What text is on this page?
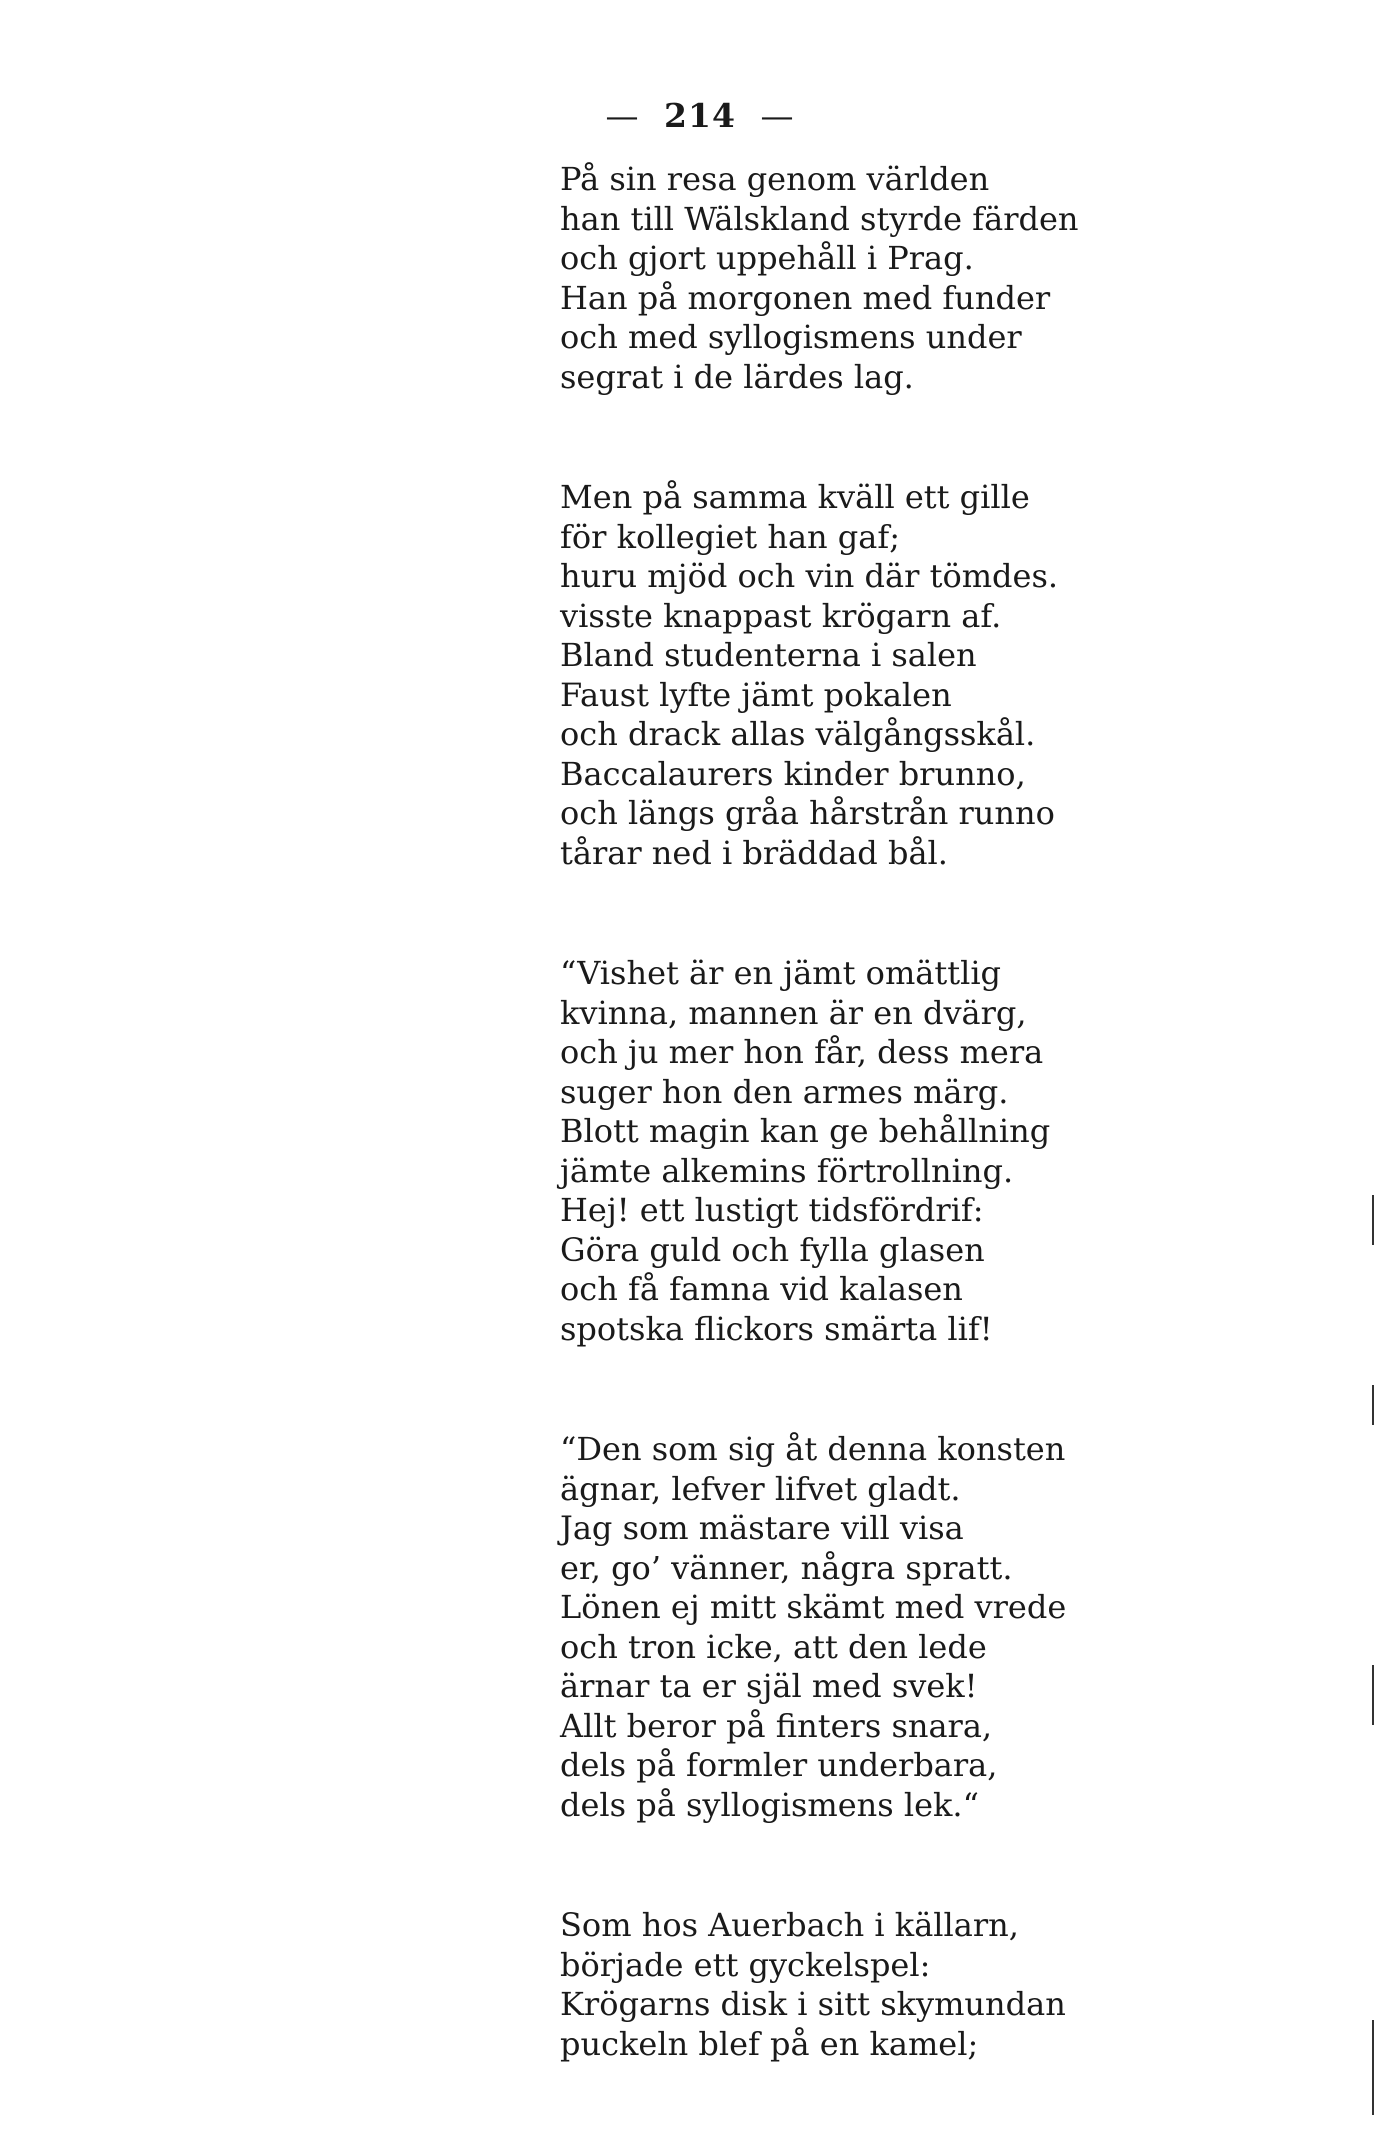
— 214 —
På sin resa genom världen
han till Wälskland styrde färden
och gjort uppehåll i Prag.
Han på morgonen med funder
och med syllogismens under
segrat i de lärdes lag.
Men på samma kväll ett gille
för kollegiet han gaf;
huru mjöd och vin där tömdes.
visste knappast krögarn af.
Bland studenterna i salen
Faust lyfte jämt pokalen
och drack allas välgångsskål.
Baccalaurers kinder brunno,
och längs gråa hårstrån runno
tårar ned i bräddad bål.
“Vishet är en jämt omättlig
kvinna, mannen är en dvärg,
och ju mer hon får, dess mera
suger hon den armes märg.
Blott magin kan ge behållning
jämte alkemins förtrollning.
Hej! ett lustigt tidsfördrif:
Göra guld och fylla glasen
och få famna vid kalasen
spotska flickors smärta lif!
“Den som sig åt denna konsten
ägnar, lefver lifvet gladt.
Jag som mästare vill visa
er, go’ vänner, några spratt.
Lönen ej mitt skämt med vrede
och tron icke, att den lede
ärnar ta er själ med svek!
Allt beror på finters snara,
dels på formler underbara,
dels på syllogismens lek.“
Som hos Auerbach i källarn,
började ett gyckelspel:
Krögarns disk i sitt skymundan
puckeln blef på en kamel;
